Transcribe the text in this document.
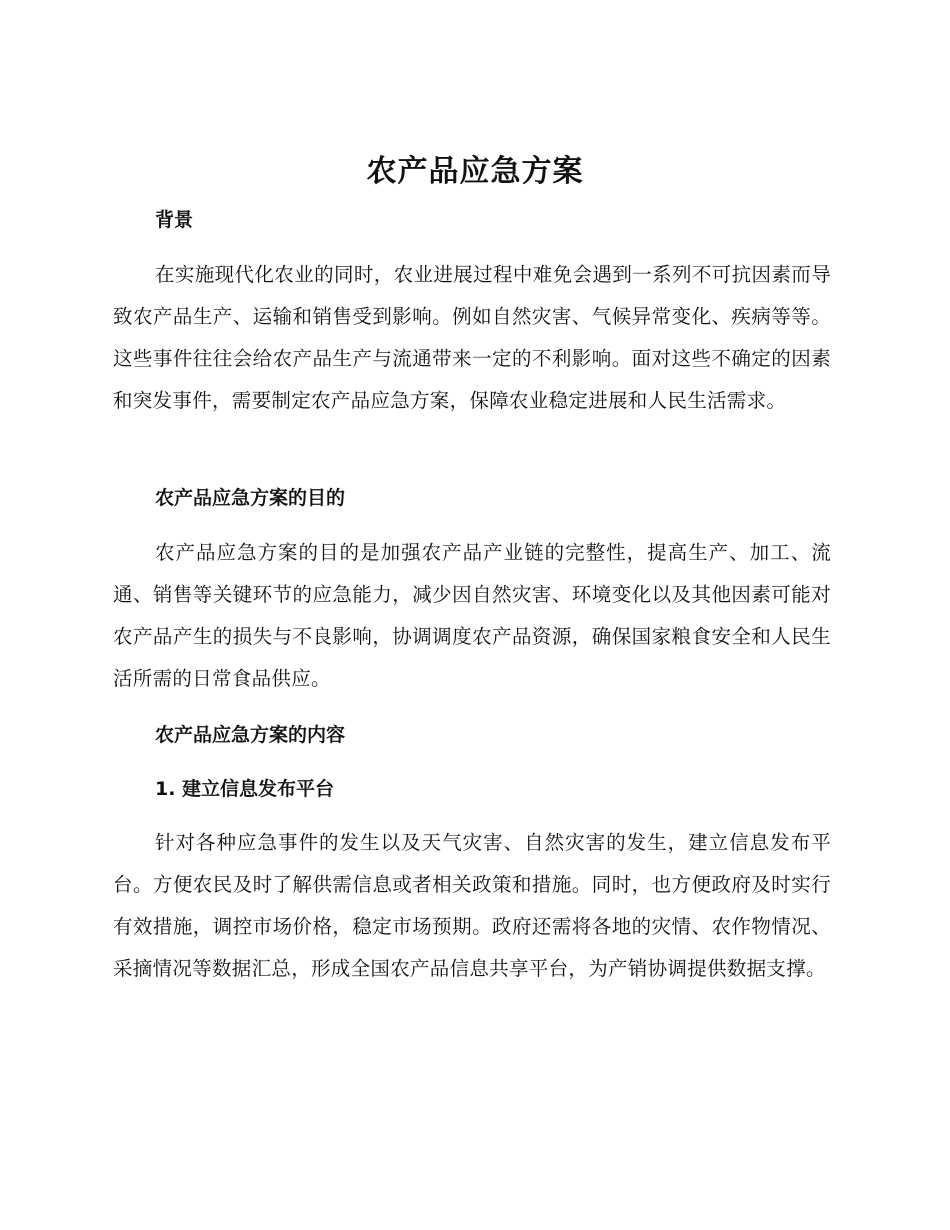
农产品应急方案
背景

在实施现代化农业的同时，农业进展过程中难免会遇到一系列不可抗因素而导致农产品生产、运输和销售受到影响。例如自然灾害、气候异常变化、疾病等等。这些事件往往会给农产品生产与流通带来一定的不利影响。面对这些不确定的因素和突发事件，需要制定农产品应急方案，保障农业稳定进展和人民生活需求。

农产品应急方案的目的

农产品应急方案的目的是加强农产品产业链的完整性，提高生产、加工、流通、销售等关键环节的应急能力，减少因自然灾害、环境变化以及其他因素可能对农产品产生的损失与不良影响，协调调度农产品资源，确保国家粮食安全和人民生活所需的日常食品供应。

农产品应急方案的内容
1. 建立信息发布平台

针对各种应急事件的发生以及天气灾害、自然灾害的发生，建立信息发布平台。方便农民及时了解供需信息或者相关政策和措施。同时，也方便政府及时实行有效措施，调控市场价格，稳定市场预期。政府还需将各地的灾情、农作物情况、采摘情况等数据汇总，形成全国农产品信息共享平台，为产销协调提供数据支撑。
